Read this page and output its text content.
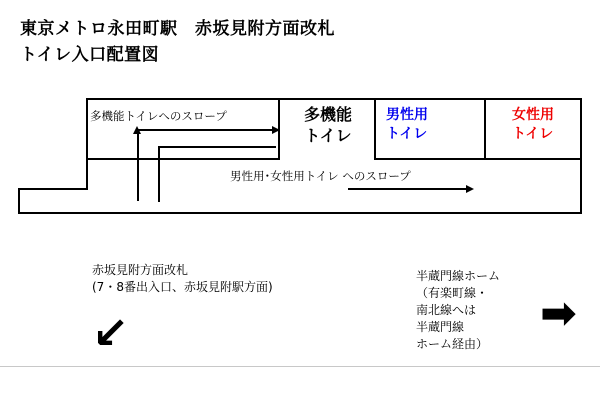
東京メトロ永田町駅　赤坂見附方面改札
トイレ入口配置図
多機能
トイレ
男性用
トイレ
女性用
トイレ
多機能トイレへのスロープ
男性用･女性用トイレ へのスロープ
赤坂見附方面改札
(7・8番出入口、赤坂見附駅方面)
↙
半蔵門線ホーム
（有楽町線・
南北線へは
半蔵門線
ホーム経由）
➡
